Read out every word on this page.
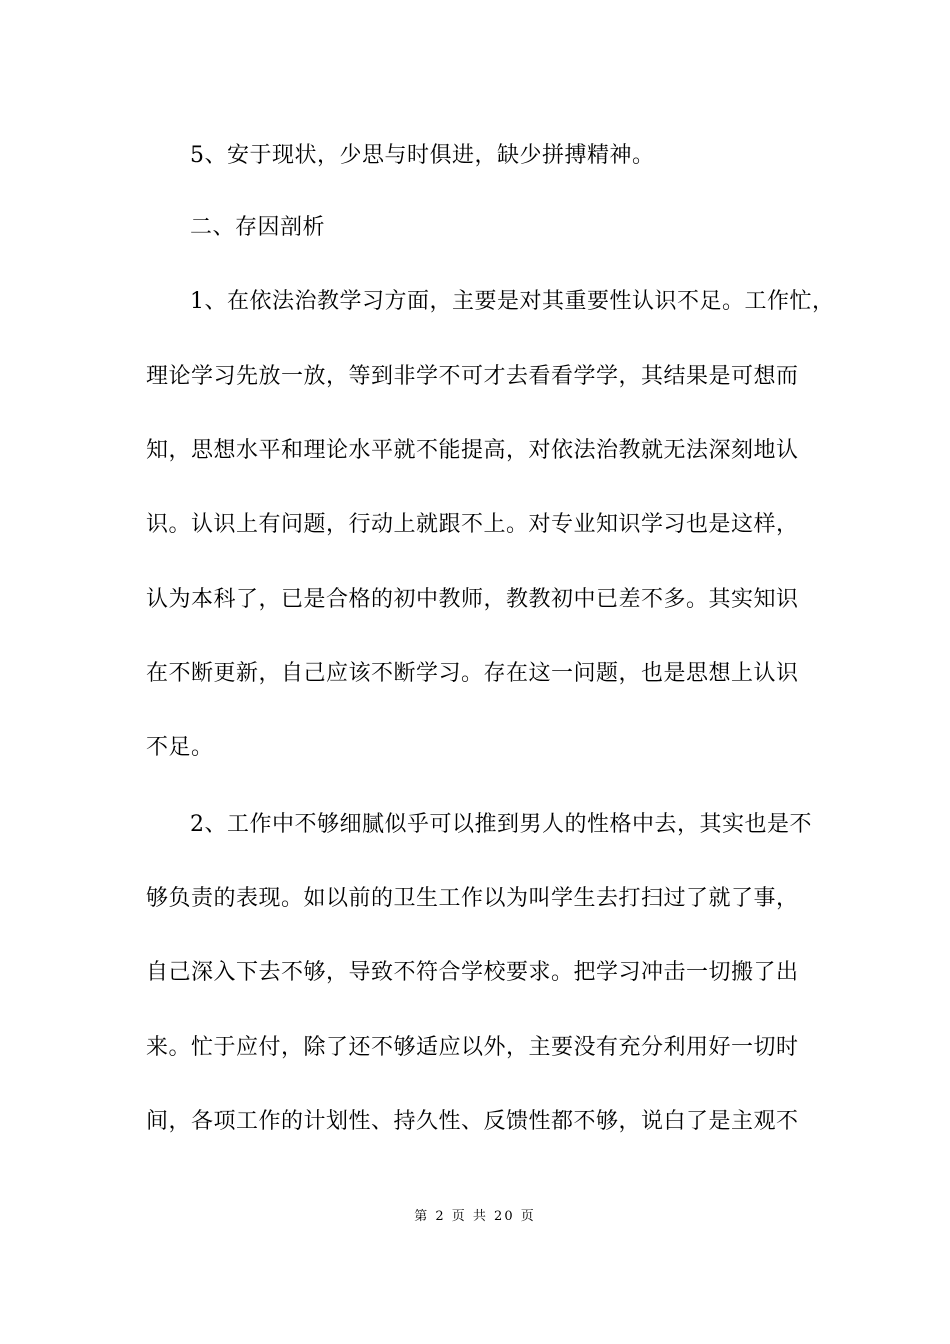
5、安于现状，少思与时俱进，缺少拼搏精神。
二、存因剖析
1、在依法治教学习方面，主要是对其重要性认识不足。工作忙，
理论学习先放一放，等到非学不可才去看看学学，其结果是可想而
知，思想水平和理论水平就不能提高，对依法治教就无法深刻地认
识。认识上有问题，行动上就跟不上。对专业知识学习也是这样，
认为本科了，已是合格的初中教师，教教初中已差不多。其实知识
在不断更新，自己应该不断学习。存在这一问题，也是思想上认识
不足。
2、工作中不够细腻似乎可以推到男人的性格中去，其实也是不
够负责的表现。如以前的卫生工作以为叫学生去打扫过了就了事，
自己深入下去不够，导致不符合学校要求。把学习冲击一切搬了出
来。忙于应付，除了还不够适应以外，主要没有充分利用好一切时
间，各项工作的计划性、持久性、反馈性都不够，说白了是主观不
第 2 页 共 20 页
